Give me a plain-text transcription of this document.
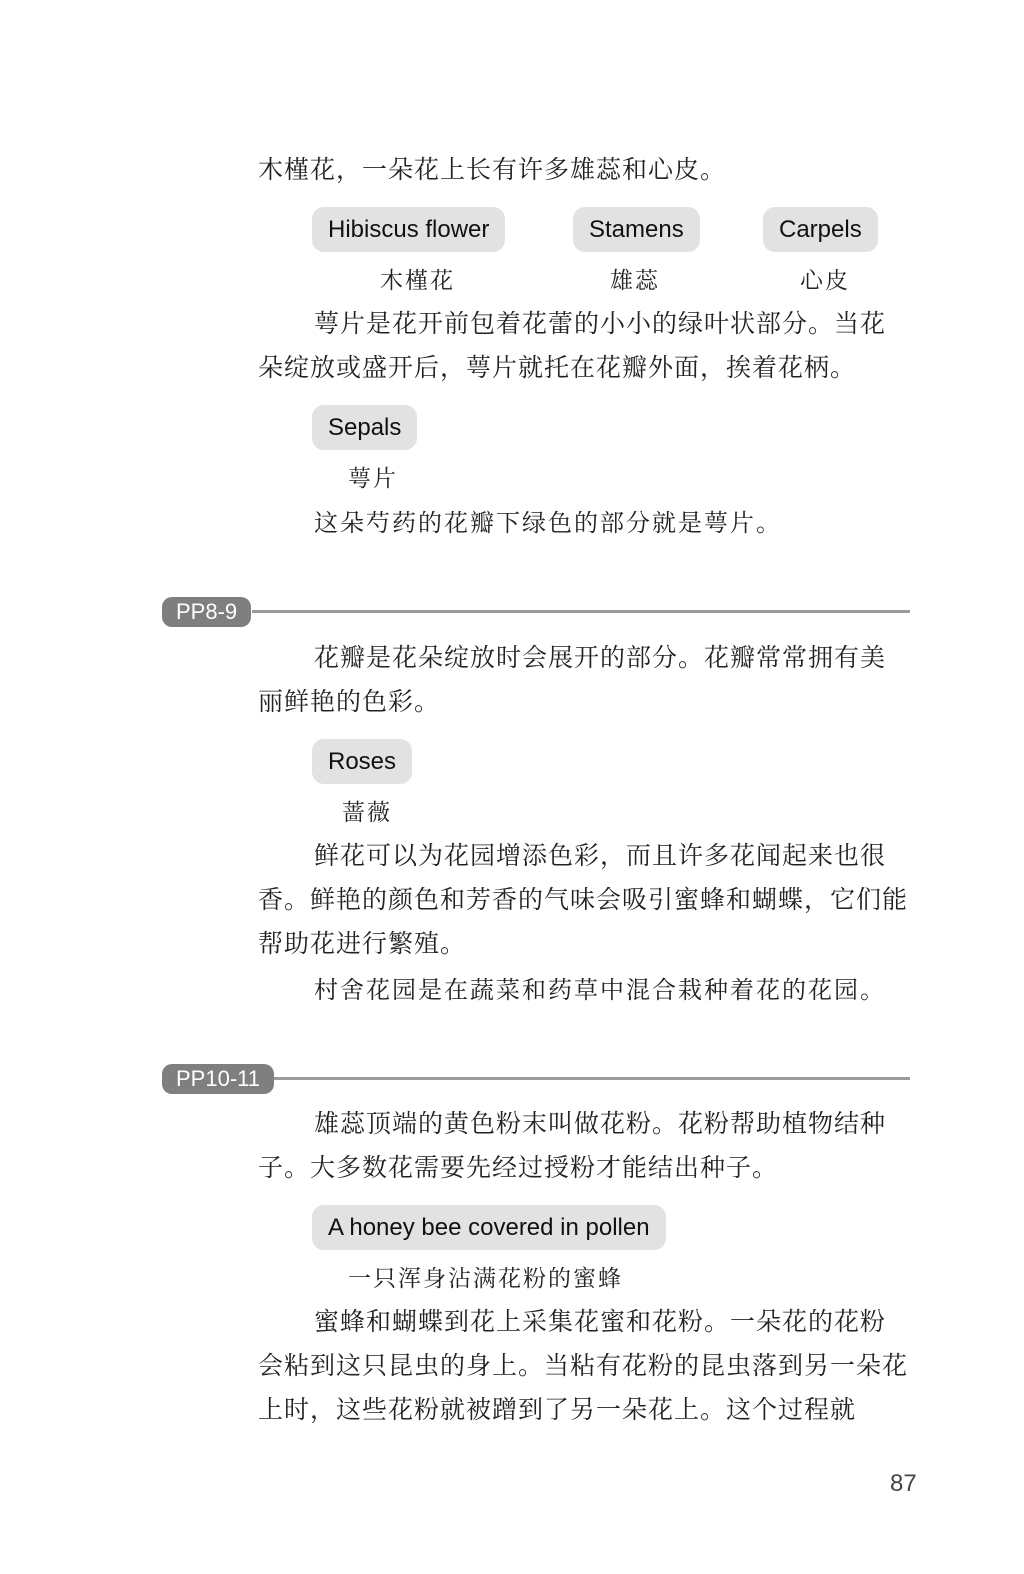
木槿花，一朵花上长有许多雄蕊和心皮。

Hibiscus flower	Stamens	Carpels
木槿花	雄蕊	心皮

萼片是花开前包着花蕾的小小的绿叶状部分。当花朵绽放或盛开后，萼片就托在花瓣外面，挨着花柄。

Sepals
萼片

这朵芍药的花瓣下绿色的部分就是萼片。

PP8-9

花瓣是花朵绽放时会展开的部分。花瓣常常拥有美丽鲜艳的色彩。

Roses
蔷薇

鲜花可以为花园增添色彩，而且许多花闻起来也很香。鲜艳的颜色和芳香的气味会吸引蜜蜂和蝴蝶，它们能帮助花进行繁殖。

村舍花园是在蔬菜和药草中混合栽种着花的花园。

PP10-11

雄蕊顶端的黄色粉末叫做花粉。花粉帮助植物结种子。大多数花需要先经过授粉才能结出种子。

A honey bee covered in pollen
一只浑身沾满花粉的蜜蜂

蜜蜂和蝴蝶到花上采集花蜜和花粉。一朵花的花粉会粘到这只昆虫的身上。当粘有花粉的昆虫落到另一朵花上时，这些花粉就被蹭到了另一朵花上。这个过程就

87
